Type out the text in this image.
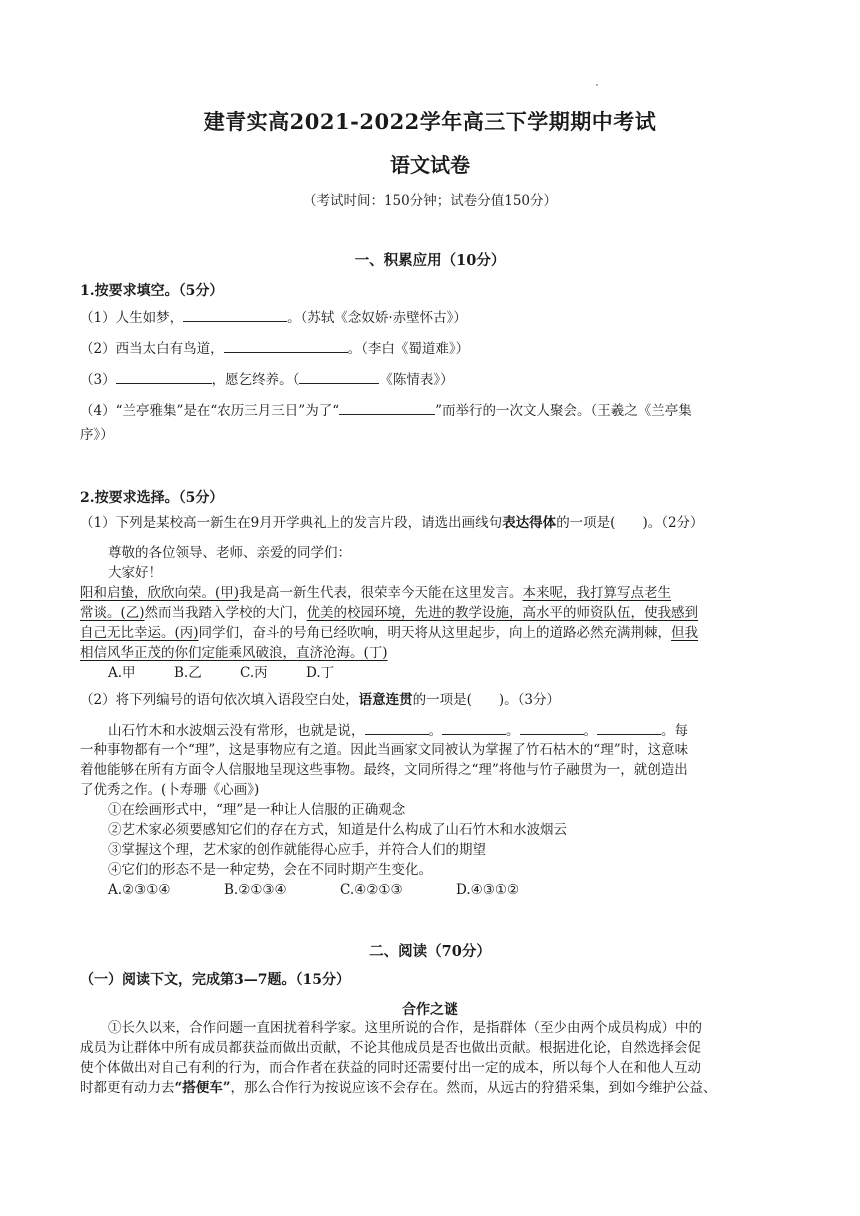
建青实高2021-2022学年高三下学期期中考试
语文试卷
（考试时间：150分钟；试卷分值150分）
一、积累应用（10分）
1.按要求填空。（5分）
（1）人生如梦，	。（苏轼《念奴娇·赤壁怀古》）
（2）西当太白有鸟道，	。（李白《蜀道难》）
（3）	，愿乞终养。（	《陈情表》）
（4）“兰亭雅集”是在“农历三月三日”为了“	”而举行的一次文人聚会。（王羲之《兰亭集
序》）
2.按要求选择。（5分）
（1）下列是某校高一新生在9月开学典礼上的发言片段，请选出画线句表达得体的一项是(　　)。（2分）
尊敬的各位领导、老师、亲爱的同学们：
大家好！
阳和启蛰，欣欣向荣。(甲)我是高一新生代表，很荣幸今天能在这里发言。本来呢，我打算写点老生
常谈。(乙)然而当我踏入学校的大门，优美的校园环境，先进的教学设施，高水平的师资队伍，使我感到
自己无比幸运。(丙)同学们，奋斗的号角已经吹响，明天将从这里起步，向上的道路必然充满荆棘，但我
相信风华正茂的你们定能乘风破浪，直济沧海。(丁)
A.甲	B.乙	C.丙	D.丁
（2）将下列编号的语句依次填入语段空白处，语意连贯的一项是(　　)。（3分）
山石竹木和水波烟云没有常形，也就是说，	。	。	。	。每
一种事物都有一个“理”，这是事物应有之道。因此当画家文同被认为掌握了竹石枯木的“理”时，这意味
着他能够在所有方面令人信服地呈现这些事物。最终，文同所得之“理”将他与竹子融贯为一，就创造出
了优秀之作。(卜寿珊《心画》)
①在绘画形式中，“理”是一种让人信服的正确观念
②艺术家必须要感知它们的存在方式，知道是什么构成了山石竹木和水波烟云
③掌握这个理，艺术家的创作就能得心应手，并符合人们的期望
④它们的形态不是一种定势，会在不同时期产生变化。
A.②③①④	B.②①③④	C.④②①③	D.④③①②
二、阅读（70分）
（一）阅读下文，完成第3—7题。（15分）
合作之谜
①长久以来，合作问题一直困扰着科学家。这里所说的合作，是指群体（至少由两个成员构成）中的
成员为让群体中所有成员都获益而做出贡献，不论其他成员是否也做出贡献。根据进化论，自然选择会促
使个体做出对自己有利的行为，而合作者在获益的同时还需要付出一定的成本，所以每个人在和他人互动
时都更有动力去“搭便车”，那么合作行为按说应该不会存在。然而，从远古的狩猎采集，到如今维护公益、
